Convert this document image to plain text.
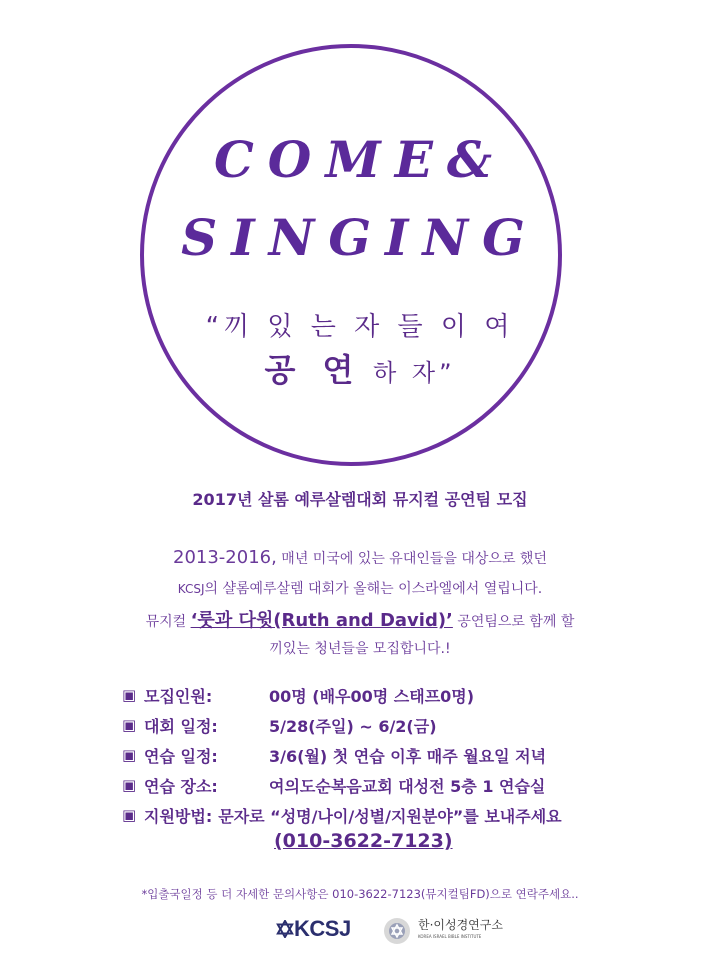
COME&
SINGING
“끼 있 는 자 들 이 여
공 연 하 자”
2017년 살롬 예루살렘대회 뮤지컬 공연팀 모집
2013-2016, 매년 미국에 있는 유대인들을 대상으로 했던
KCSJ의 샬롬예루살렘 대회가 올해는 이스라엘에서 열립니다.
뮤지컬 ‘룻과 다윗(Ruth and David)’ 공연팀으로 함께 할
끼있는 청년들을 모집합니다.!
▣ 모집인원:	00명 (배우00명 스태프0명)
▣ 대회 일정:	5/28(주일) ~ 6/2(금)
▣ 연습 일정:	3/6(월) 첫 연습 이후 매주 월요일 저녁
▣ 연습 장소:	여의도순복음교회 대성전 5층 1 연습실
▣ 지원방법: 문자로 “성명/나이/성별/지원분야”를 보내주세요
(010-3622-7123)
*입출국일정 등 더 자세한 문의사항은 010-3622-7123(뮤지컬팀FD)으로 연락주세요..
KCSJ	한·이성경연구소
KOREA ISRAEL BIBLE INSTITUTE
